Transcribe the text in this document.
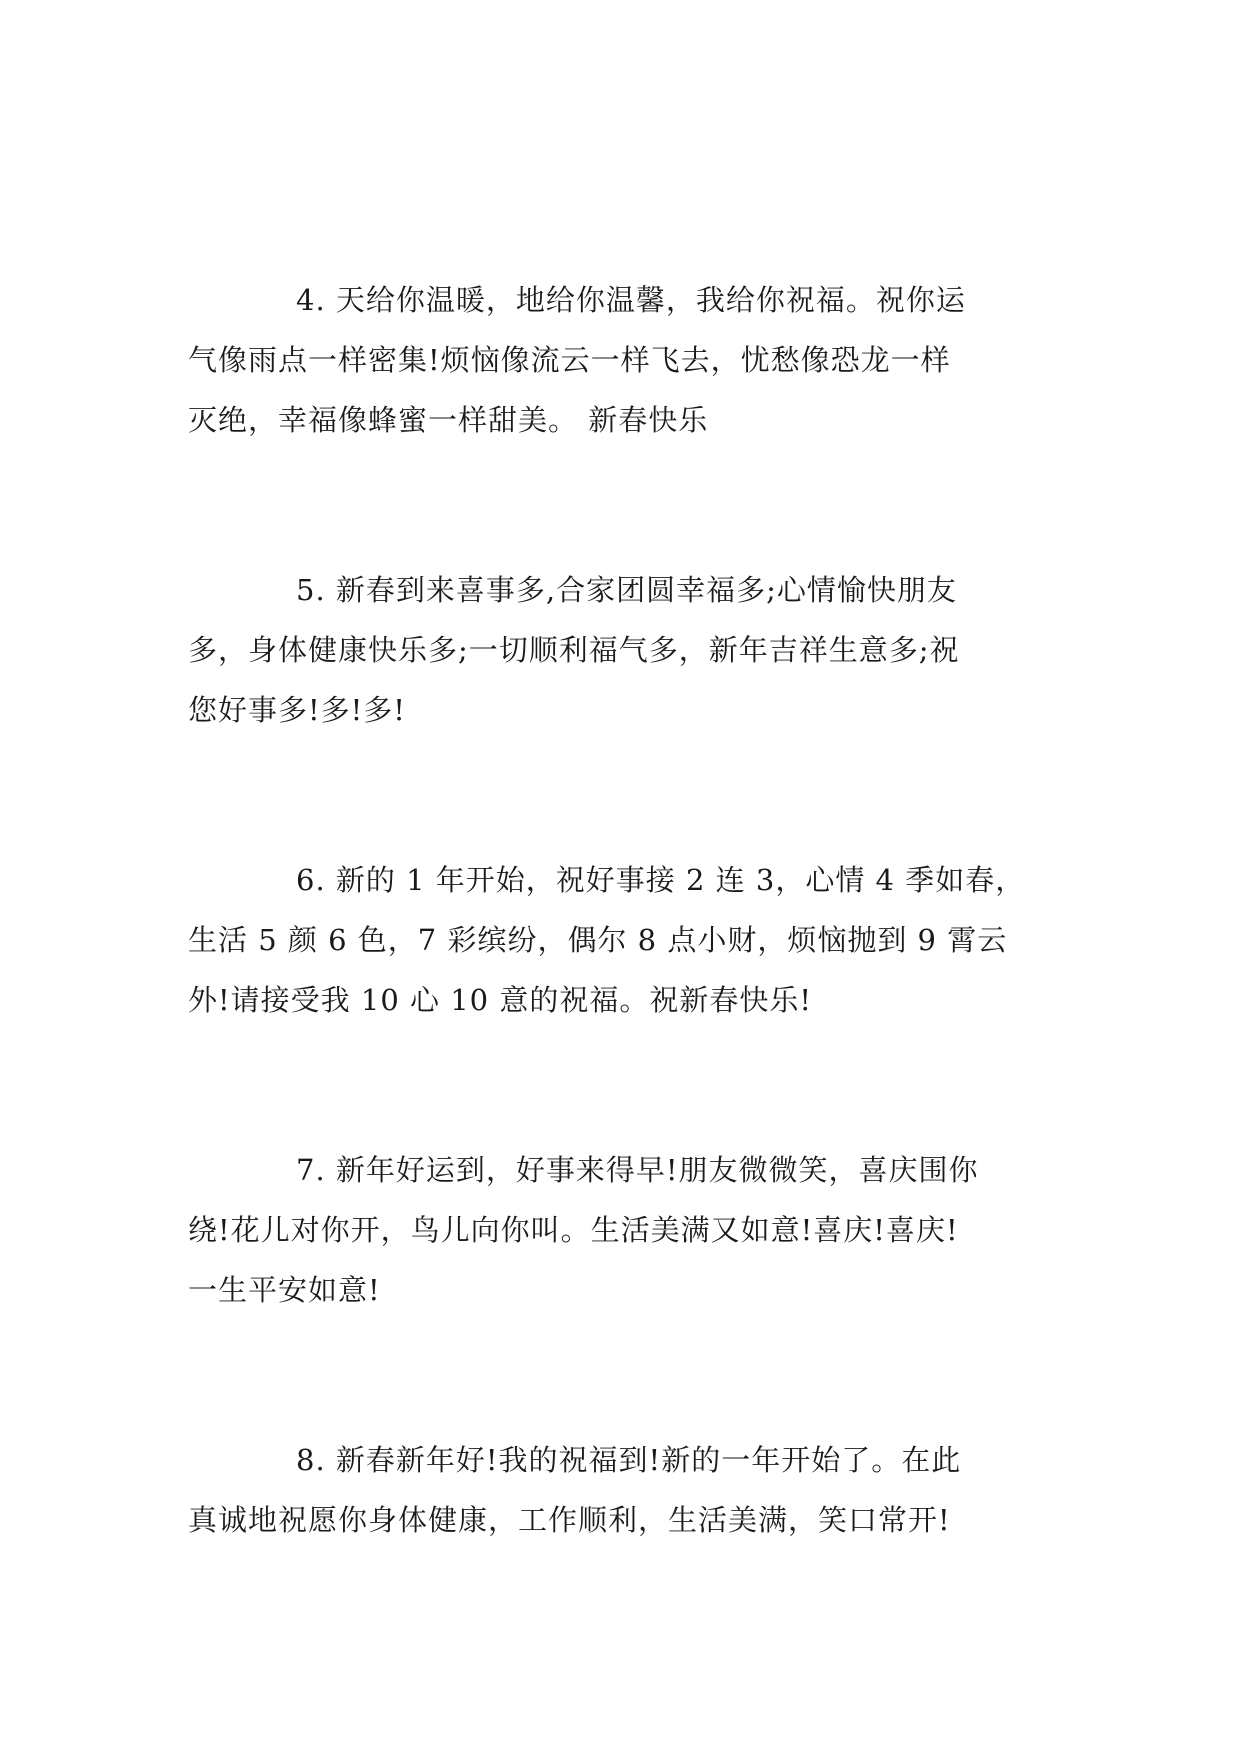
4. 天给你温暖，地给你温馨，我给你祝福。祝你运
气像雨点一样密集!烦恼像流云一样飞去，忧愁像恐龙一样
灭绝，幸福像蜂蜜一样甜美。 新春快乐
5. 新春到来喜事多,合家团圆幸福多;心情愉快朋友
多，身体健康快乐多;一切顺利福气多，新年吉祥生意多;祝
您好事多!多!多!
6. 新的 1 年开始，祝好事接 2 连 3，心情 4 季如春，
生活 5 颜 6 色，7 彩缤纷，偶尔 8 点小财，烦恼抛到 9 霄云
外!请接受我 10 心 10 意的祝福。祝新春快乐!
7. 新年好运到，好事来得早!朋友微微笑，喜庆围你
绕!花儿对你开，鸟儿向你叫。生活美满又如意!喜庆!喜庆!
一生平安如意!
8. 新春新年好!我的祝福到!新的一年开始了。在此
真诚地祝愿你身体健康，工作顺利，生活美满，笑口常开!
